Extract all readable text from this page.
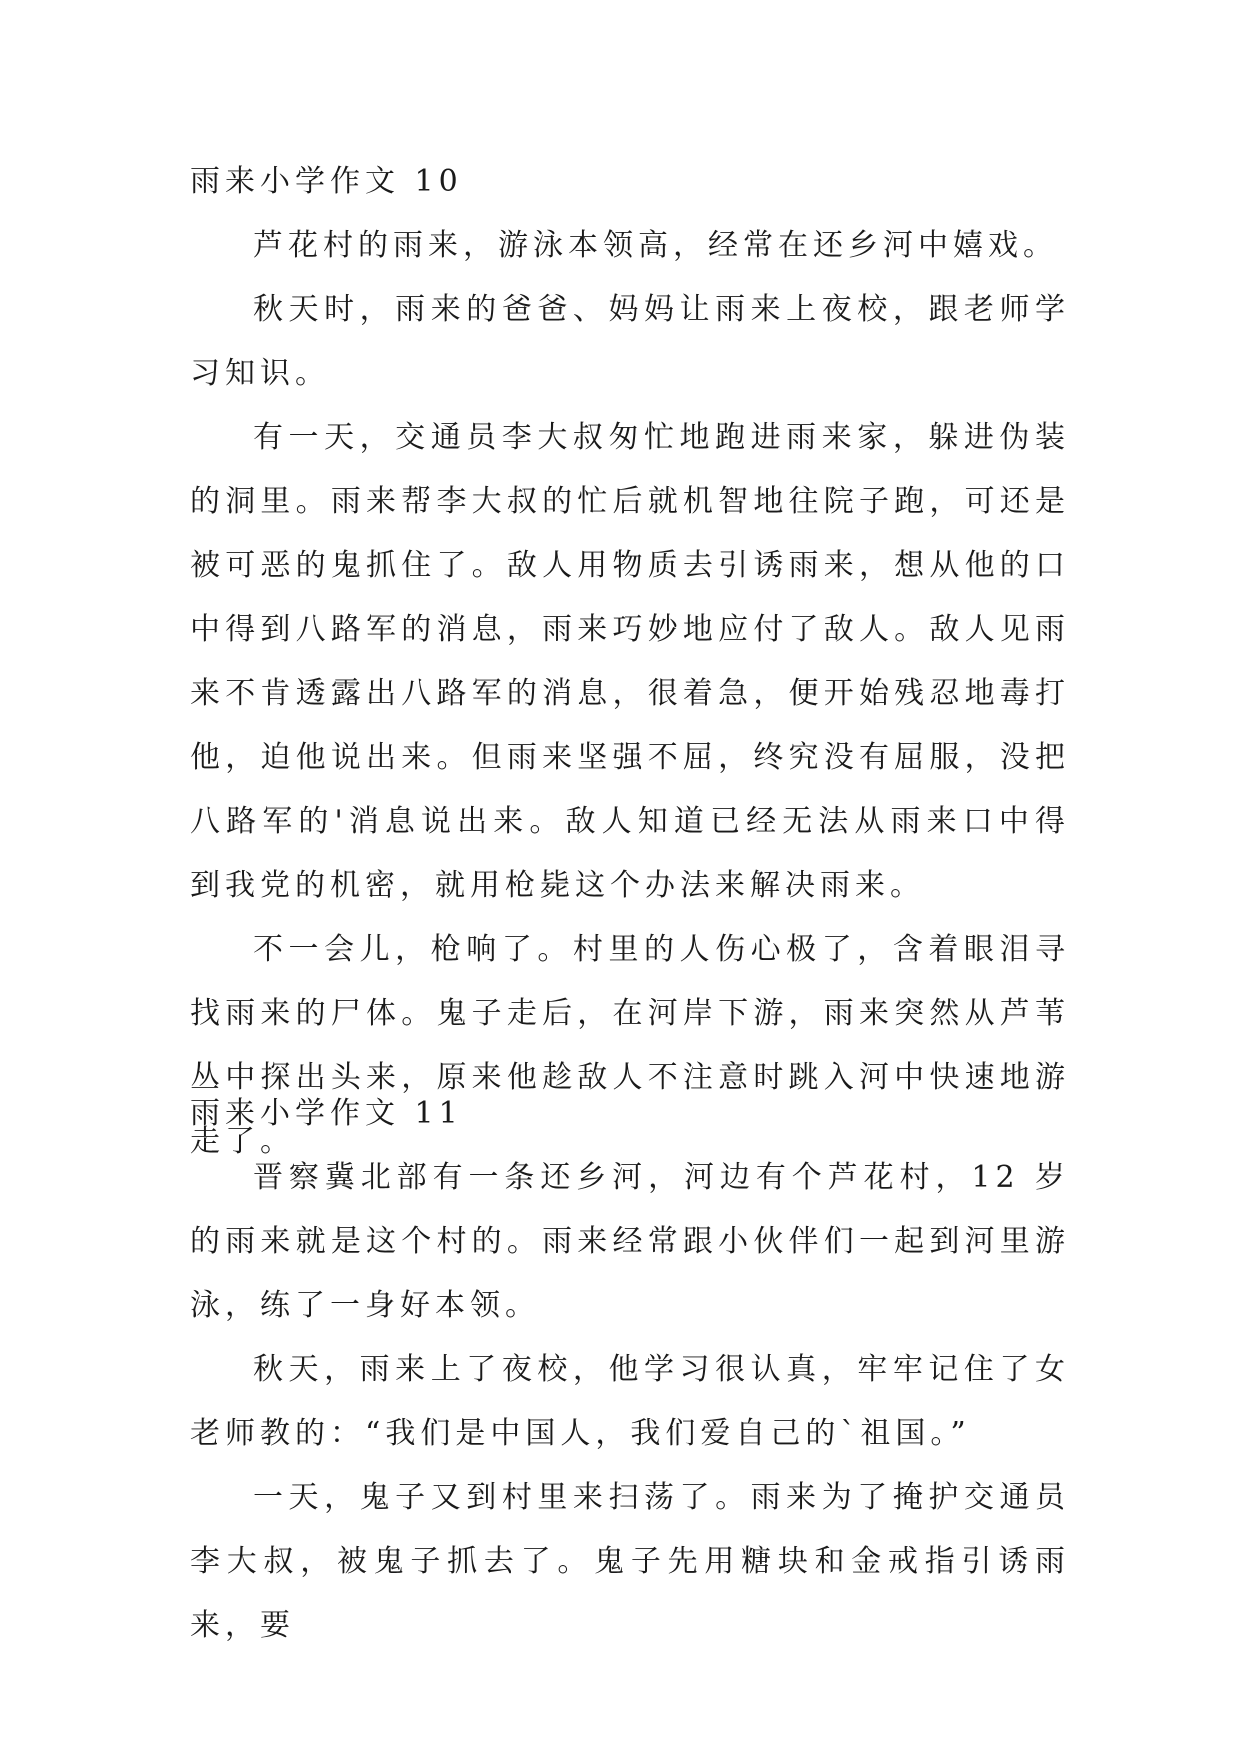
雨来小学作文 10

芦花村的雨来，游泳本领高，经常在还乡河中嬉戏。

秋天时，雨来的爸爸、妈妈让雨来上夜校，跟老师学习知识。

有一天，交通员李大叔匆忙地跑进雨来家，躲进伪装的洞里。雨来帮李大叔的忙后就机智地往院子跑，可还是被可恶的鬼抓住了。敌人用物质去引诱雨来，想从他的口中得到八路军的消息，雨来巧妙地应付了敌人。敌人见雨来不肯透露出八路军的消息，很着急，便开始残忍地毒打他，迫他说出来。但雨来坚强不屈，终究没有屈服，没把八路军的'消息说出来。敌人知道已经无法从雨来口中得到我党的机密，就用枪毙这个办法来解决雨来。

不一会儿，枪响了。村里的人伤心极了，含着眼泪寻找雨来的尸体。鬼子走后，在河岸下游，雨来突然从芦苇丛中探出头来，原来他趁敌人不注意时跳入河中快速地游走了。

雨来小学作文 11

晋察冀北部有一条还乡河，河边有个芦花村，12 岁的雨来就是这个村的。雨来经常跟小伙伴们一起到河里游泳，练了一身好本领。

秋天，雨来上了夜校，他学习很认真，牢牢记住了女老师教的：“我们是中国人，我们爱自己的`祖国。”

一天，鬼子又到村里来扫荡了。雨来为了掩护交通员李大叔，被鬼子抓去了。鬼子先用糖块和金戒指引诱雨来，要
